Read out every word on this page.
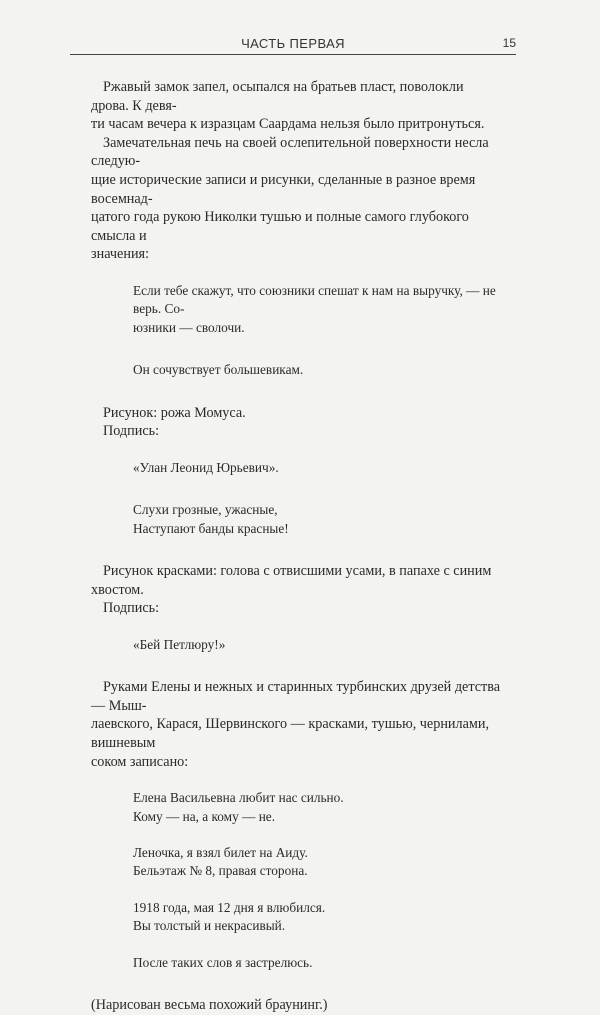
ЧАСТЬ ПЕРВАЯ	15
Ржавый замок запел, осыпался на братьев пласт, поволокли дрова. К девя-
ти часам вечера к изразцам Саардама нельзя было притронуться.
Замечательная печь на своей ослепительной поверхности несла следую-
щие исторические записи и рисунки, сделанные в разное время восемнад-
цатого года рукою Николки тушью и полные самого глубокого смысла и
значения:
Если тебе скажут, что союзники спешат к нам на выручку, — не верь. Со-
юзники — сволочи.
Он сочувствует большевикам.
Рисунок: рожа Момуса.
Подпись:
«Улан Леонид Юрьевич».
Слухи грозные, ужасные,
Наступают банды красные!
Рисунок красками: голова с отвисшими усами, в папахе с синим хвостом.
Подпись:
«Бей Петлюру!»
Руками Елены и нежных и старинных турбинских друзей детства — Мыш-
лаевского, Карася, Шервинского — красками, тушью, чернилами, вишневым
соком записано:
Елена Васильевна любит нас сильно.
Кому — на, а кому — не.
Леночка, я взял билет на Аиду.
Бельэтаж № 8, правая сторона.
1918 года, мая 12 дня я влюбился.
Вы толстый и некрасивый.
После таких слов я застрелюсь.
(Нарисован весьма похожий браунинг.)
